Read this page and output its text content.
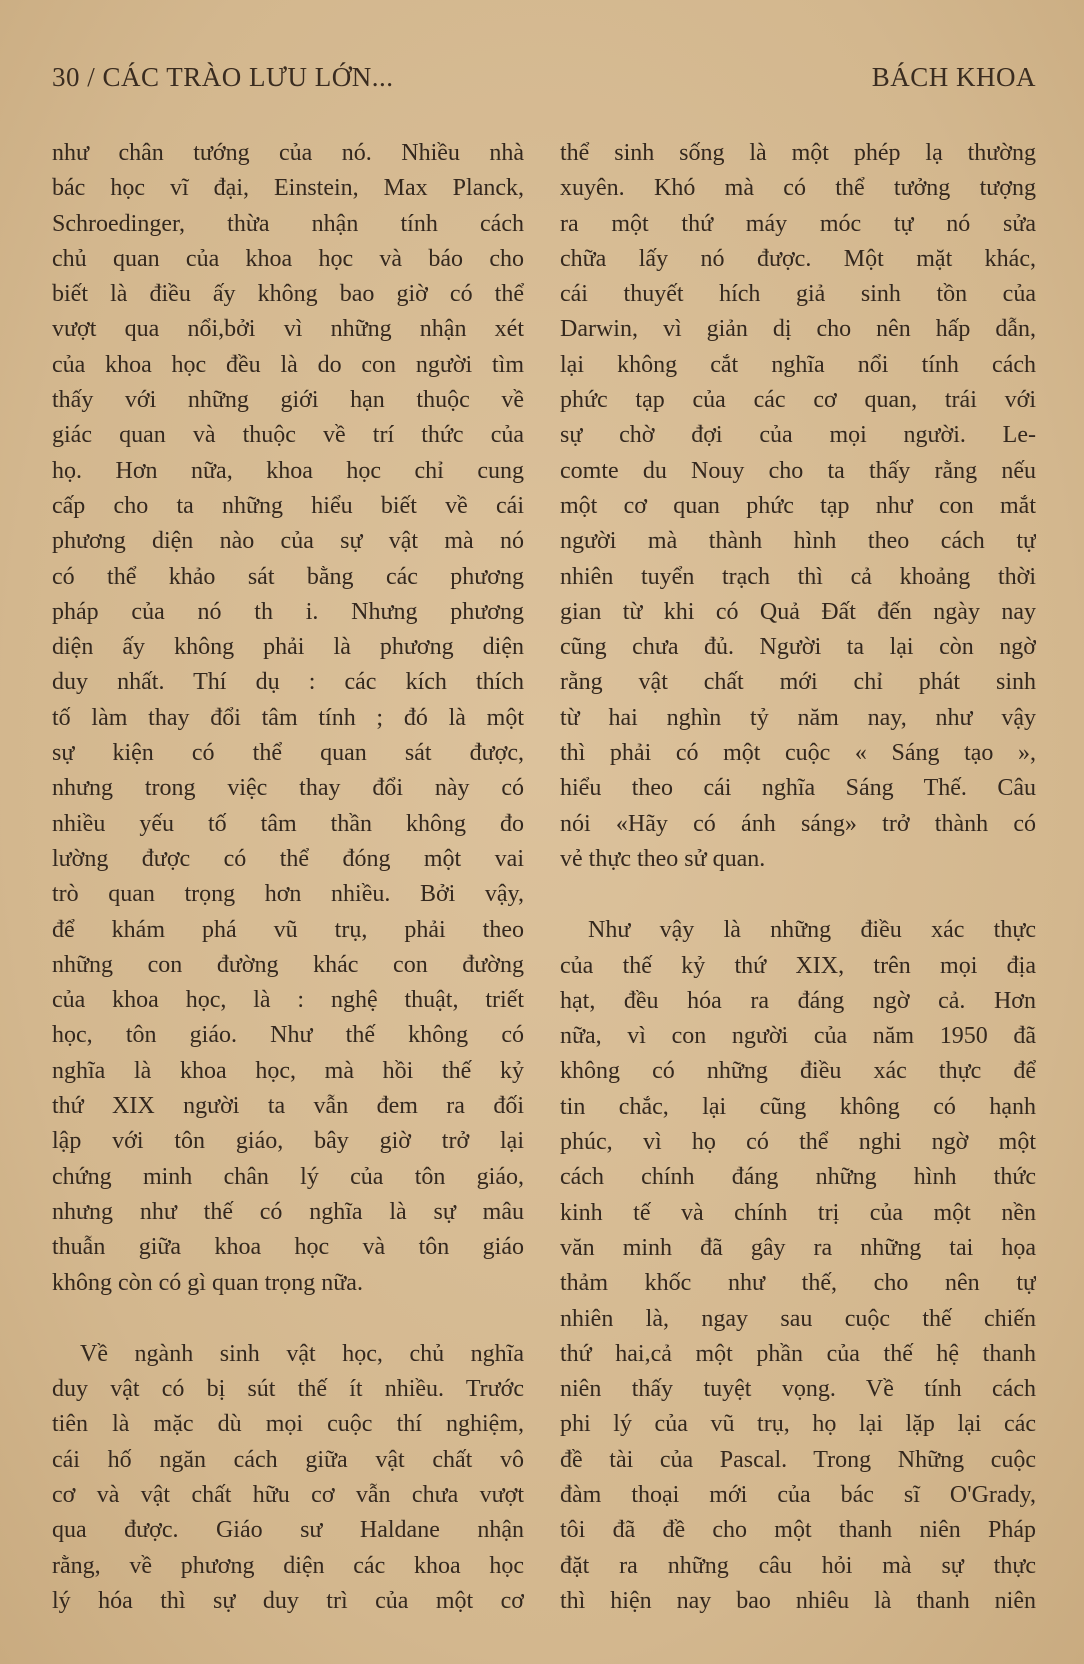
30 / CÁC TRÀO LƯU LỚN...	BÁCH KHOA
như chân tướng của nó. Nhiều nhà
bác học vĩ đại, Einstein, Max Planck,
Schroedinger, thừa nhận tính cách
chủ quan của khoa học và báo cho
biết là điều ấy không bao giờ có thể
vượt qua nổi,bởi vì những nhận xét
của khoa học đều là do con người tìm
thấy với những giới hạn thuộc về
giác quan và thuộc về trí thức của
họ. Hơn nữa, khoa học chỉ cung
cấp cho ta những hiểu biết về cái
phương diện nào của sự vật mà nó
có thể khảo sát bằng các phương
pháp của nó th i. Nhưng phương
diện ấy không phải là phương diện
duy nhất. Thí dụ : các kích thích
tố làm thay đổi tâm tính ; đó là một
sự kiện có thể quan sát được,
nhưng trong việc thay đổi này có
nhiều yếu tố tâm thần không đo
lường được có thể đóng một vai
trò quan trọng hơn nhiều. Bởi vậy,
để khám phá vũ trụ, phải theo
những con đường khác con đường
của khoa học, là : nghệ thuật, triết
học, tôn giáo. Như thế không có
nghĩa là khoa học, mà hồi thế kỷ
thứ XIX người ta vẫn đem ra đối
lập với tôn giáo, bây giờ trở lại
chứng minh chân lý của tôn giáo,
nhưng như thế có nghĩa là sự mâu
thuẫn giữa khoa học và tôn giáo
không còn có gì quan trọng nữa.
Về ngành sinh vật học, chủ nghĩa
duy vật có bị sút thế ít nhiều. Trước
tiên là mặc dù mọi cuộc thí nghiệm,
cái hố ngăn cách giữa vật chất vô
cơ và vật chất hữu cơ vẫn chưa vượt
qua được. Giáo sư Haldane nhận
rằng, về phương diện các khoa học
lý hóa thì sự duy trì của một cơ
thể sinh sống là một phép lạ thường
xuyên. Khó mà có thể tưởng tượng
ra một thứ máy móc tự nó sửa
chữa lấy nó được. Một mặt khác,
cái thuyết hích giả sinh tồn của
Darwin, vì giản dị cho nên hấp dẫn,
lại không cắt nghĩa nổi tính cách
phức tạp của các cơ quan, trái với
sự chờ đợi của mọi người. Le-
comte du Nouy cho ta thấy rằng nếu
một cơ quan phức tạp như con mắt
người mà thành hình theo cách tự
nhiên tuyển trạch thì cả khoảng thời
gian từ khi có Quả Đất đến ngày nay
cũng chưa đủ. Người ta lại còn ngờ
rằng vật chất mới chỉ phát sinh
từ hai nghìn tỷ năm nay, như vậy
thì phải có một cuộc « Sáng tạo »,
hiểu theo cái nghĩa Sáng Thế. Câu
nói «Hãy có ánh sáng» trở thành có
vẻ thực theo sử quan.
Như vậy là những điều xác thực
của thế kỷ thứ XIX, trên mọi địa
hạt, đều hóa ra đáng ngờ cả. Hơn
nữa, vì con người của năm 1950 đã
không có những điều xác thực để
tin chắc, lại cũng không có hạnh
phúc, vì họ có thể nghi ngờ một
cách chính đáng những hình thức
kinh tế và chính trị của một nền
văn minh đã gây ra những tai họa
thảm khốc như thế, cho nên tự
nhiên là, ngay sau cuộc thế chiến
thứ hai,cả một phần của thế hệ thanh
niên thấy tuyệt vọng. Về tính cách
phi lý của vũ trụ, họ lại lặp lại các
đề tài của Pascal. Trong Những cuộc
đàm thoại mới của bác sĩ O'Grady,
tôi đã đề cho một thanh niên Pháp
đặt ra những câu hỏi mà sự thực
thì hiện nay bao nhiêu là thanh niên
